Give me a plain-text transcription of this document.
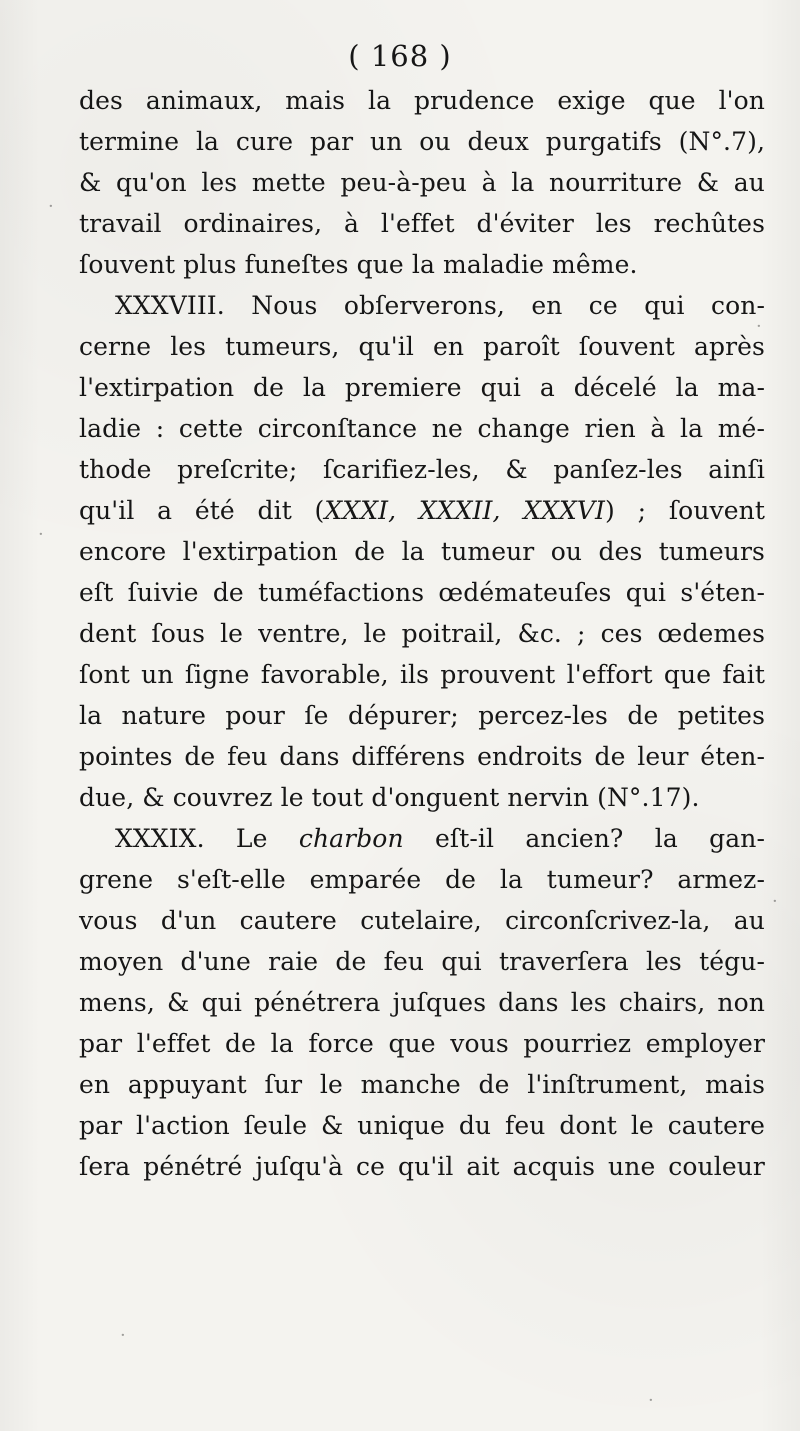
( 168 )
des animaux, mais la prudence exige que l'on
termine la cure par un ou deux purgatifs (N°.7),
& qu'on les mette peu-à-peu à la nourriture & au
travail ordinaires, à l'effet d'éviter les rechûtes
ſouvent plus funeſtes que la maladie même.
XXXVIII. Nous obſerverons, en ce qui con-
cerne les tumeurs, qu'il en paroît ſouvent après
l'extirpation de la premiere qui a décelé la ma-
ladie : cette circonſtance ne change rien à la mé-
thode preſcrite; ſcarifiez-les, & panſez-les ainſi
qu'il a été dit (XXXI, XXXII, XXXVI) ; ſouvent
encore l'extirpation de la tumeur ou des tumeurs
eſt ſuivie de tuméfactions œdémateuſes qui s'éten-
dent ſous le ventre, le poitrail, &c. ; ces œdemes
ſont un ſigne favorable, ils prouvent l'effort que fait
la nature pour ſe dépurer; percez-les de petites
pointes de feu dans différens endroits de leur éten-
due, & couvrez le tout d'onguent nervin (N°.17).
XXXIX. Le charbon eſt-il ancien? la gan-
grene s'eſt-elle emparée de la tumeur? armez-
vous d'un cautere cutelaire, circonſcrivez-la, au
moyen d'une raie de feu qui traverſera les tégu-
mens, & qui pénétrera juſques dans les chairs, non
par l'effet de la force que vous pourriez employer
en appuyant ſur le manche de l'inſtrument, mais
par l'action ſeule & unique du feu dont le cautere
ſera pénétré juſqu'à ce qu'il ait acquis une couleur
·
·
·
·
·
·
